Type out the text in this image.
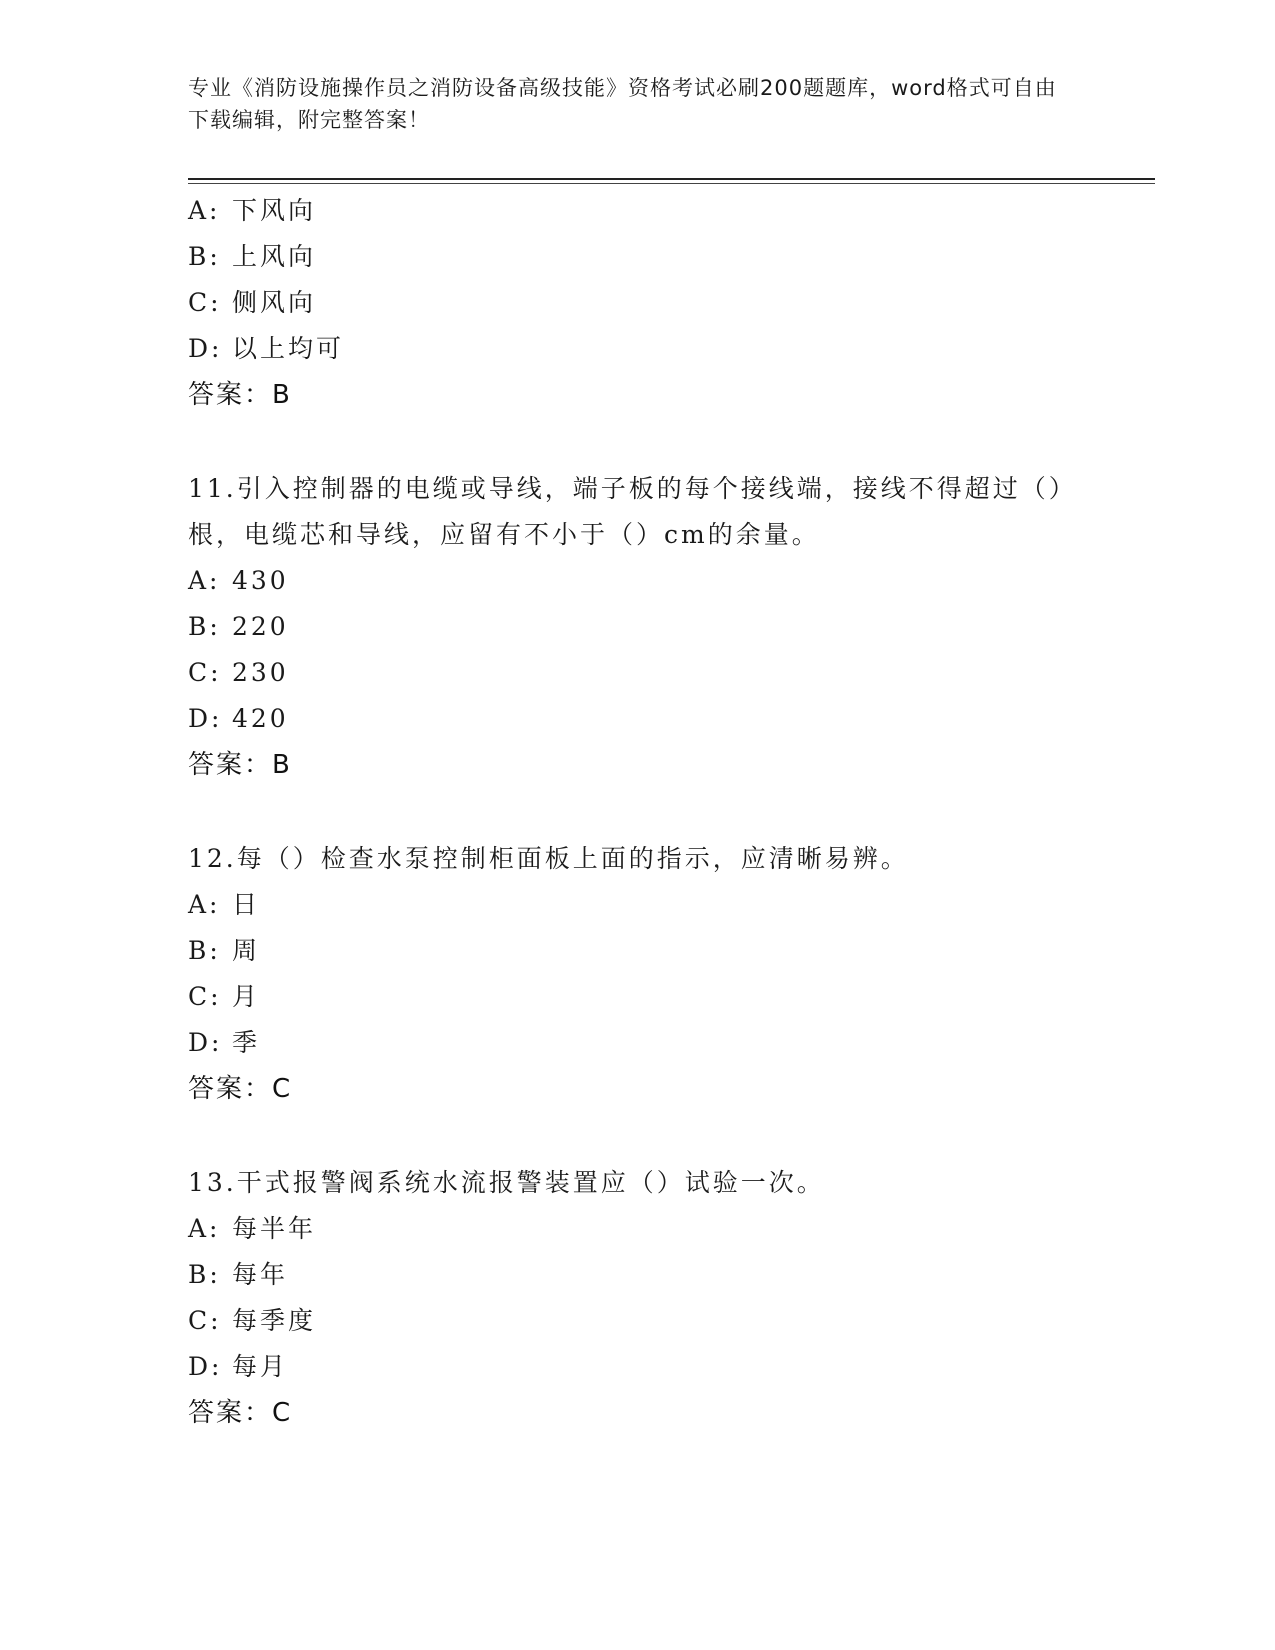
专业《消防设施操作员之消防设备高级技能》资格考试必刷200题题库，word格式可自由下载编辑，附完整答案！
A: 下风向
B: 上风向
C: 侧风向
D: 以上均可
答案：B
11.引入控制器的电缆或导线，端子板的每个接线端，接线不得超过（）根，电缆芯和导线，应留有不小于（）cm的余量。
A: 430
B: 220
C: 230
D: 420
答案：B
12.每（）检查水泵控制柜面板上面的指示，应清晰易辨。
A: 日
B: 周
C: 月
D: 季
答案：C
13.干式报警阀系统水流报警装置应（）试验一次。
A: 每半年
B: 每年
C: 每季度
D: 每月
答案：C
